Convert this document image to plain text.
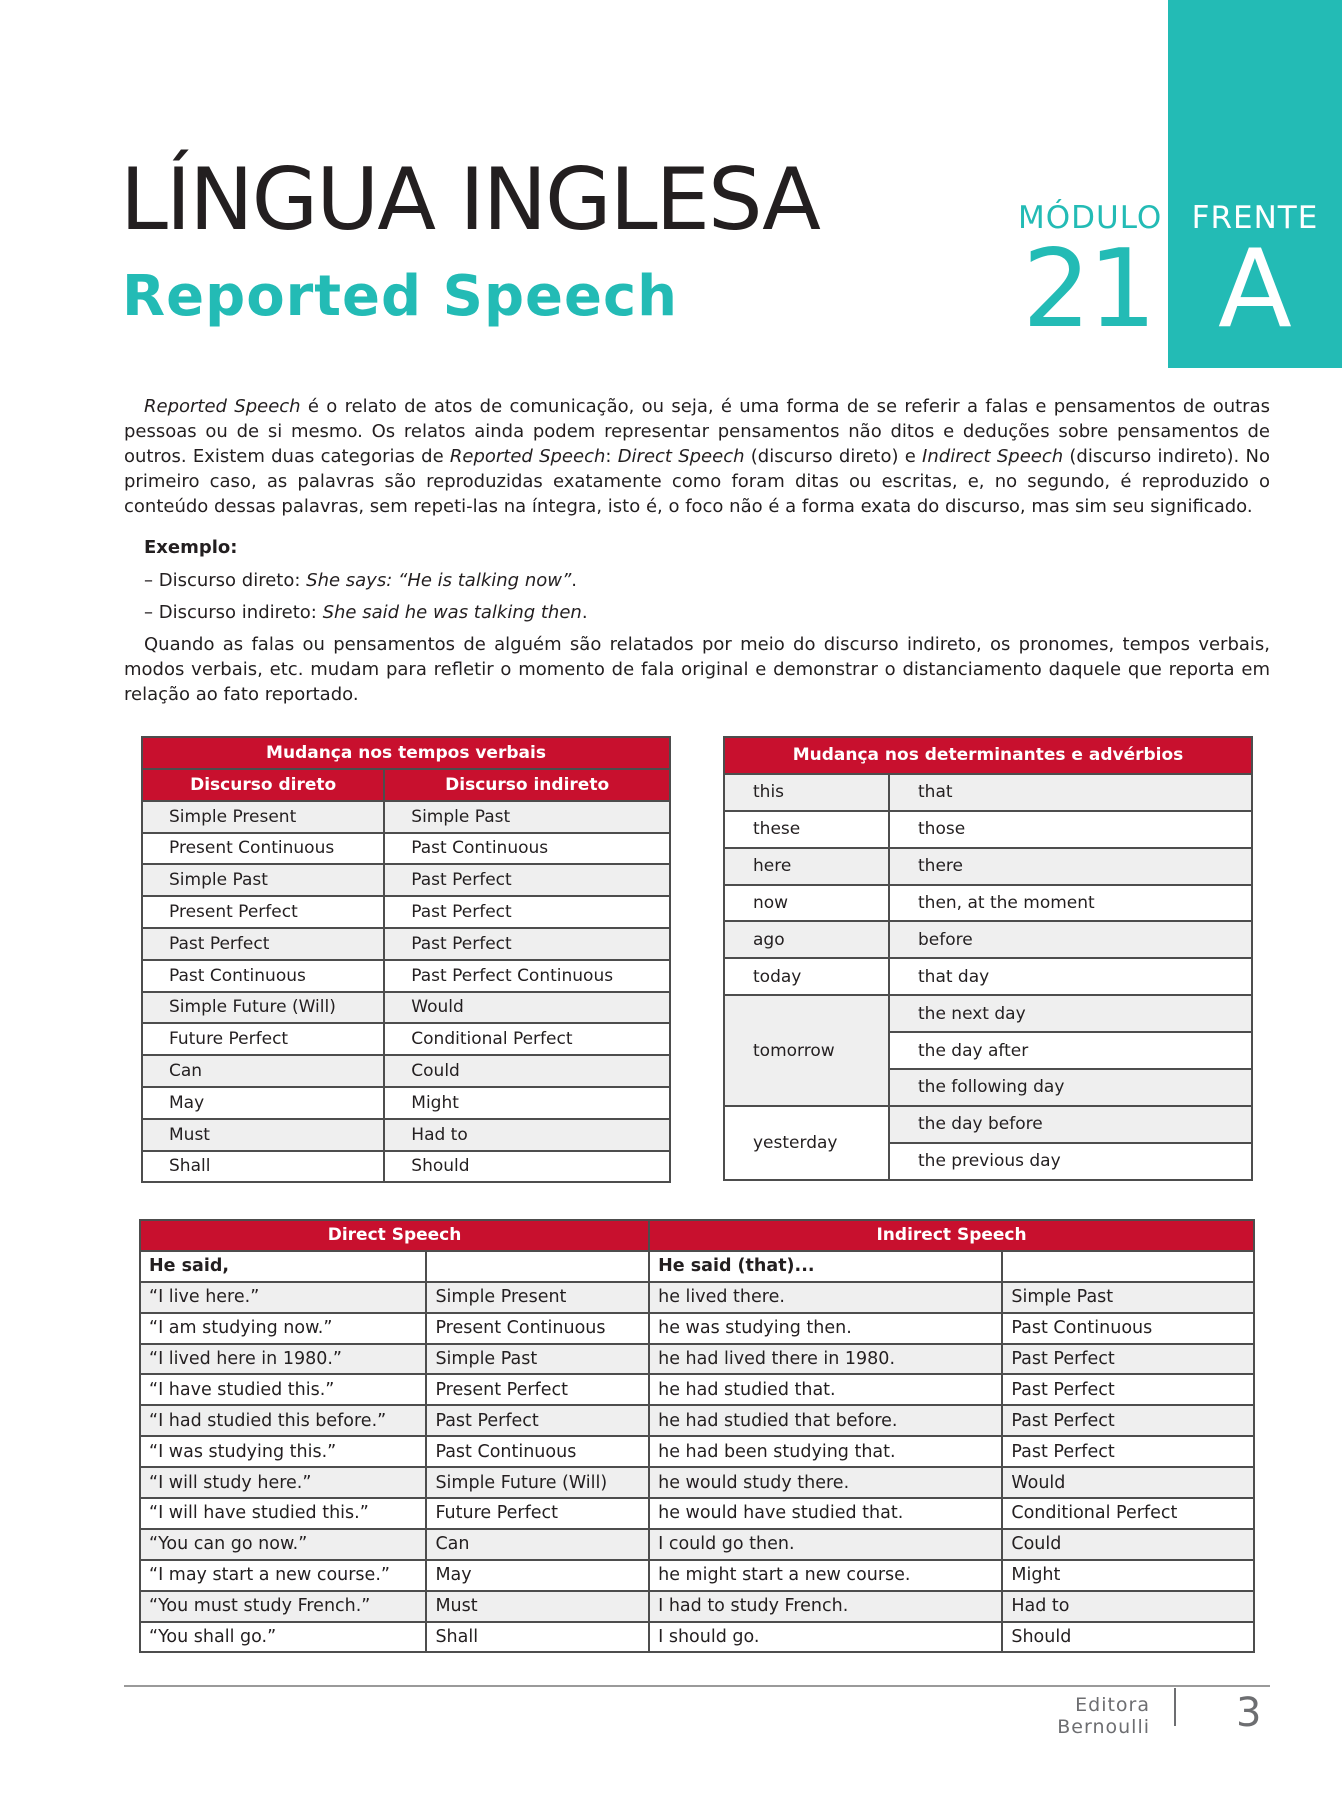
FRENTE
A
MÓDULO
21
LÍNGUA INGLESA
Reported Speech

Reported Speech é o relato de atos de comunicação, ou seja, é uma forma de se referir a falas e pensamentos de outras pessoas ou de si mesmo. Os relatos ainda podem representar pensamentos não ditos e deduções sobre pensamentos de outros. Existem duas categorias de Reported Speech: Direct Speech (discurso direto) e Indirect Speech (discurso indireto). No primeiro caso, as palavras são reproduzidas exatamente como foram ditas ou escritas, e, no segundo, é reproduzido o conteúdo dessas palavras, sem repeti-las na íntegra, isto é, o foco não é a forma exata do discurso, mas sim seu significado.

Exemplo:
– Discurso direto: She says: “He is talking now”.
– Discurso indireto: She said he was talking then.

Quando as falas ou pensamentos de alguém são relatados por meio do discurso indireto, os pronomes, tempos verbais, modos verbais, etc. mudam para refletir o momento de fala original e demonstrar o distanciamento daquele que reporta em relação ao fato reportado.

Mudança nos tempos verbais	
Discurso direto	Discurso indireto
Simple Present	Simple Past
Present Continuous	Past Continuous
Simple Past	Past Perfect
Present Perfect	Past Perfect
Past Perfect	Past Perfect
Past Continuous	Past Perfect Continuous
Simple Future (Will)	Would
Future Perfect	Conditional Perfect
Can	Could
May	Might
Must	Had to
Shall	Should
Mudança nos determinantes e advérbios	
this	that
these	those
here	there
now	then, at the moment
ago	before
today	that day
tomorrow	the next day
	the day after
	the following day
yesterday	the day before
	the previous day
Direct Speech		Indirect Speech	
He said,		He said (that)...	
“I live here.”	Simple Present	he lived there.	Simple Past
“I am studying now.”	Present Continuous	he was studying then.	Past Continuous
“I lived here in 1980.”	Simple Past	he had lived there in 1980.	Past Perfect
“I have studied this.”	Present Perfect	he had studied that.	Past Perfect
“I had studied this before.”	Past Perfect	he had studied that before.	Past Perfect
“I was studying this.”	Past Continuous	he had been studying that.	Past Perfect
“I will study here.”	Simple Future (Will)	he would study there.	Would
“I will have studied this.”	Future Perfect	he would have studied that.	Conditional Perfect
“You can go now.”	Can	I could go then.	Could
“I may start a new course.”	May	he might start a new course.	Might
“You must study French.”	Must	I had to study French.	Had to
“You shall go.”	Shall	I should go.	Should
Editora Bernoulli 3
